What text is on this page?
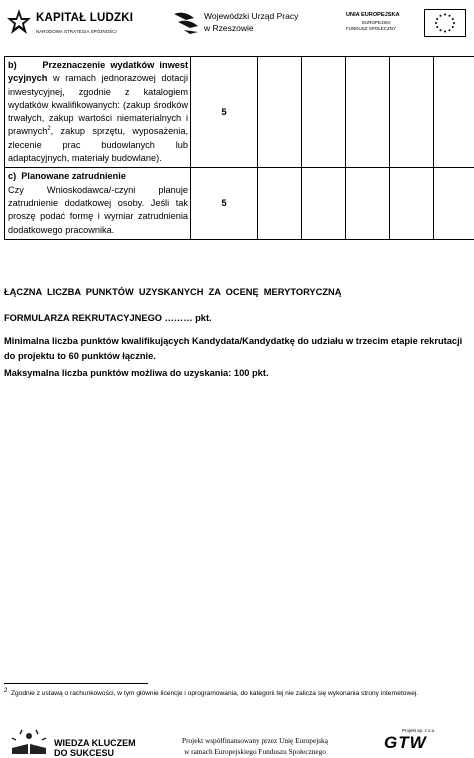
KAPITAŁ LUDZKI
NARODOWA STRATEGIA SPÓJNOŚCI
Wojewódzki Urząd Pracy
w Rzeszowie
UNIA EUROPEJSKA
EUROPEJSKI
FUNDUSZ SPOŁECZNY
b) Przeznaczenie wydatków inwest ycyjnych w ramach jednorazowej dotacji inwestycyjnej, zgodnie z katalogiem wydatków kwalifikowanych: (zakup środków trwałych, zakup wartości niematerialnych i prawnych$^2$, zakup sprzętu, wyposażenia, zlecenie prac budowlanych lub adaptacyjnych, materiały budowlane).	5					
c) Planowane zatrudnienie
Czy Wnioskodawca/-czyni planuje zatrudnienie dodatkowej osoby. Jeśli tak proszę podać formę i wymiar zatrudnienia dodatkowego pracownika.	5					
ŁĄCZNA LICZBA PUNKTÓW UZYSKANYCH ZA OCENĘ MERYTORYCZNĄ
FORMULARZA REKRUTACYJNEGO ……… pkt.
Minimalna liczba punktów kwalifikujących Kandydata/Kandydatkę do udziału w trzecim etapie rekrutacji do projektu to 60 punktów łącznie.
Maksymalna liczba punktów możliwa do uzyskania: 100 pkt.
$^2$ Zgodnie z ustawą o rachunkowości, w tym głównie licencje i oprogramowania, do kategorii tej nie zalicza się wykonania strony internetowej.
WIEDZA KLUCZEM
DO SUKCESU
Projekt współfinansowany przez Unię Europejską
w ramach Europejskiego Funduszu Społecznego
Projekt sp. z o.o.
GTW
